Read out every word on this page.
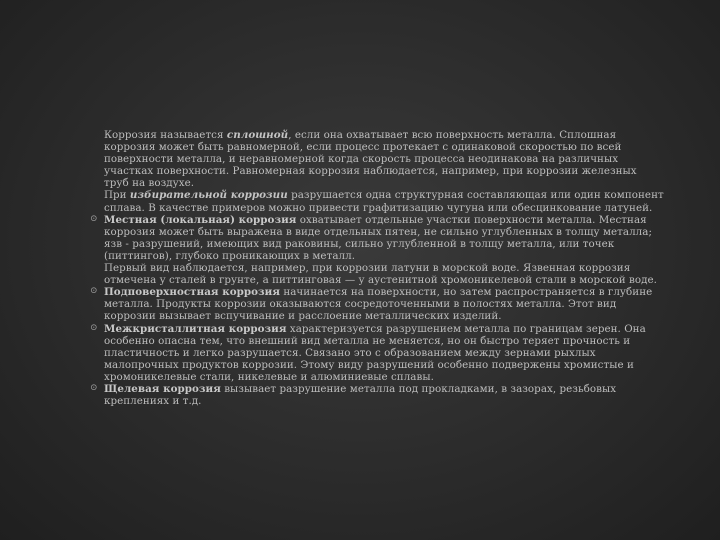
Коррозия называется сплошной, если она охватывает всю поверхность металла. Сплошная коррозия может быть равномерной, если процесс протекает с одинаковой скоростью по всей поверхности металла, и неравномерной когда скорость процесса неодинакова на различных участках поверхности. Равномерная коррозия наблюдается, например, при коррозии железных труб на воздухе.

При избирательной коррозии разрушается одна структурная составляющая или один компонент сплава. В качестве примеров можно привести графитизацию чугуна или обесцинкование латуней.

⊙ Местная (локальная) коррозия охватывает отдельные участки поверхности металла. Местная коррозия может быть выражена в виде отдельных пятен, не сильно углубленных в толщу металла; язв - разрушений, имеющих вид раковины, сильно углубленной в толщу металла, или точек (питтингов), глубоко проникающих в металл.

Первый вид наблюдается, например, при коррозии латуни в морской воде. Язвенная коррозия отмечена у сталей в грунте, а питтинговая — у аустенитной хромоникелевой стали в морской воде.

⊙ Подповерхностная коррозия начинается на поверхности, но затем распространяется в глубине металла. Продукты коррозии оказываются сосредоточенными в полостях металла. Этот вид коррозии вызывает вспучивание и расслоение металлических изделий.

⊙ Межкристаллитная коррозия характеризуется разрушением металла по границам зерен. Она особенно опасна тем, что внешний вид металла не меняется, но он быстро теряет прочность и пластичность и легко разрушается. Связано это с образованием между зернами рыхлых малопрочных продуктов коррозии. Этому виду разрушений особенно подвержены хромистые и хромоникелевые стали, никелевые и алюминиевые сплавы.

⊙ Щелевая коррозия вызывает разрушение металла под прокладками, в зазорах, резьбовых креплениях и т.д.
